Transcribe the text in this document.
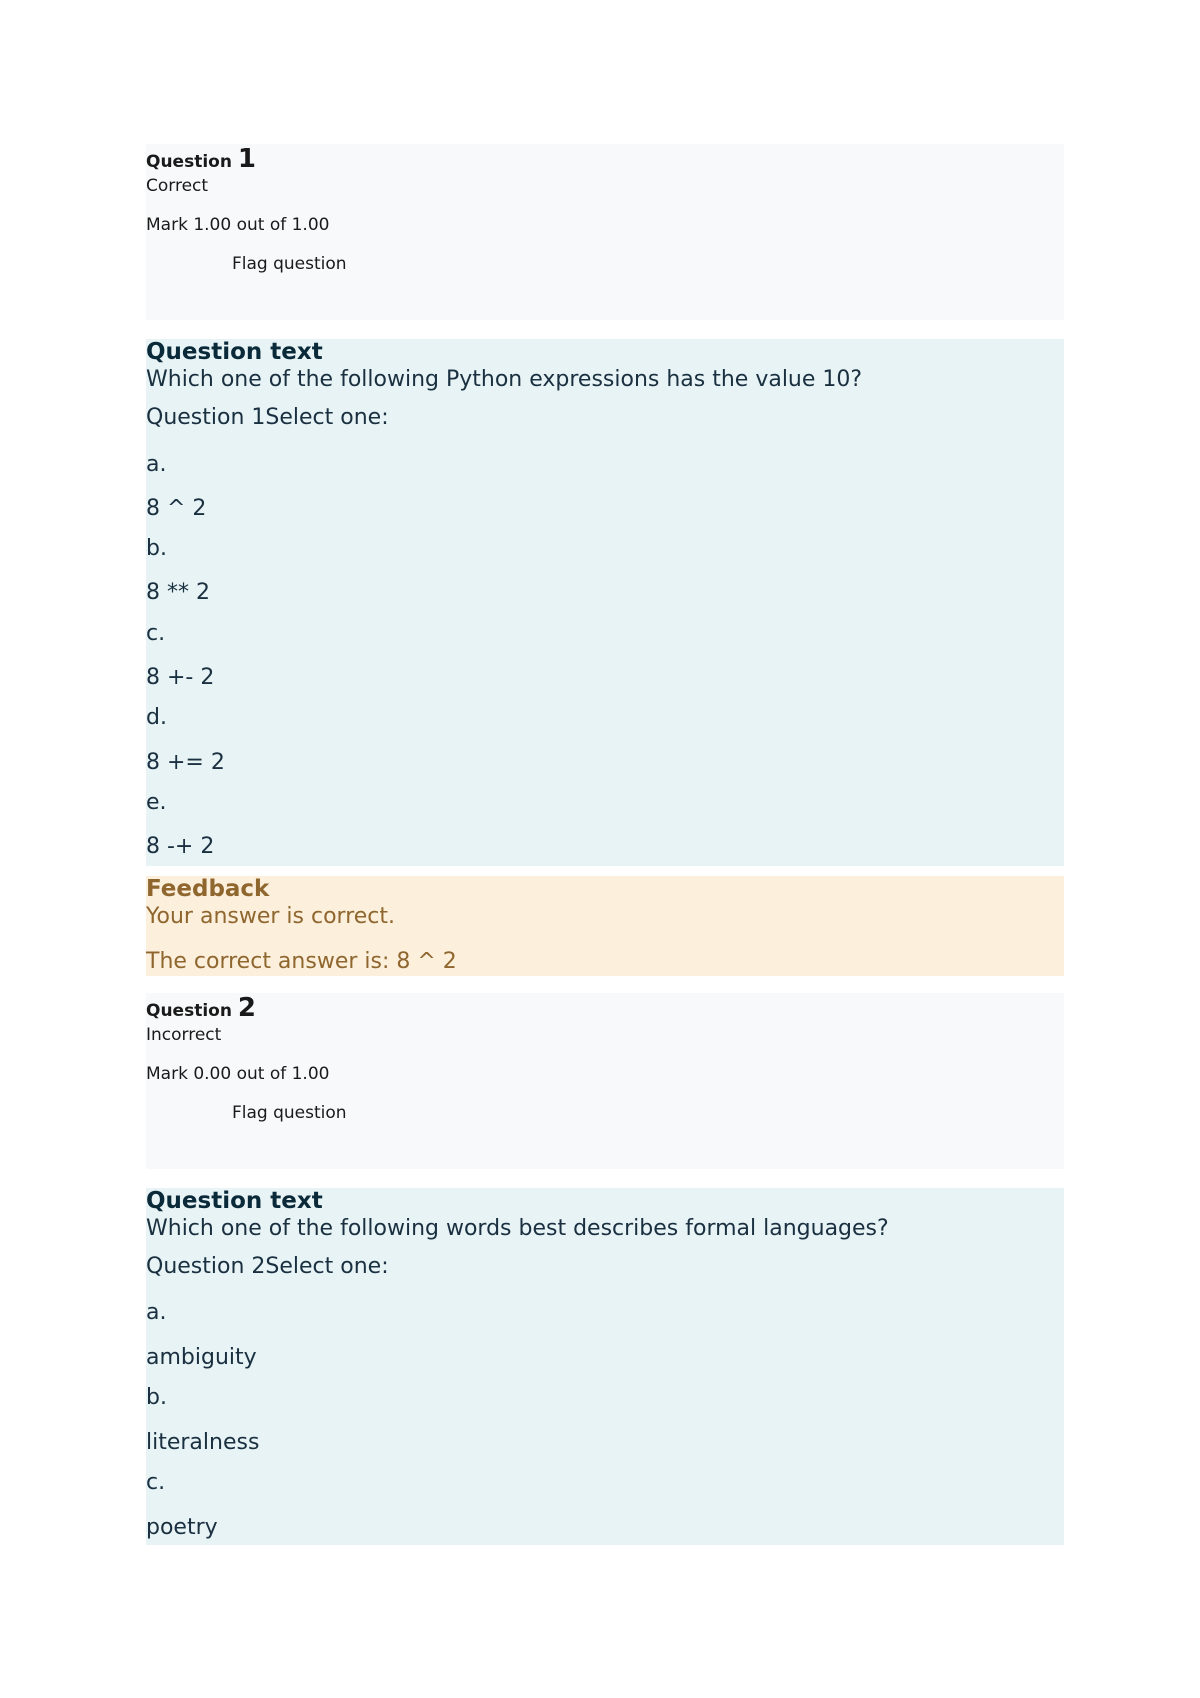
Question 1
Correct
Mark 1.00 out of 1.00
Flag question
Question text
Which one of the following Python expressions has the value 10?
Question 1Select one:
a.
8 ^ 2
b.
8 ** 2
c.
8 +- 2
d.
8 += 2
e.
8 -+ 2
Feedback
Your answer is correct.
The correct answer is: 8 ^ 2
Question 2
Incorrect
Mark 0.00 out of 1.00
Flag question
Question text
Which one of the following words best describes formal languages?
Question 2Select one:
a.
ambiguity
b.
literalness
c.
poetry
